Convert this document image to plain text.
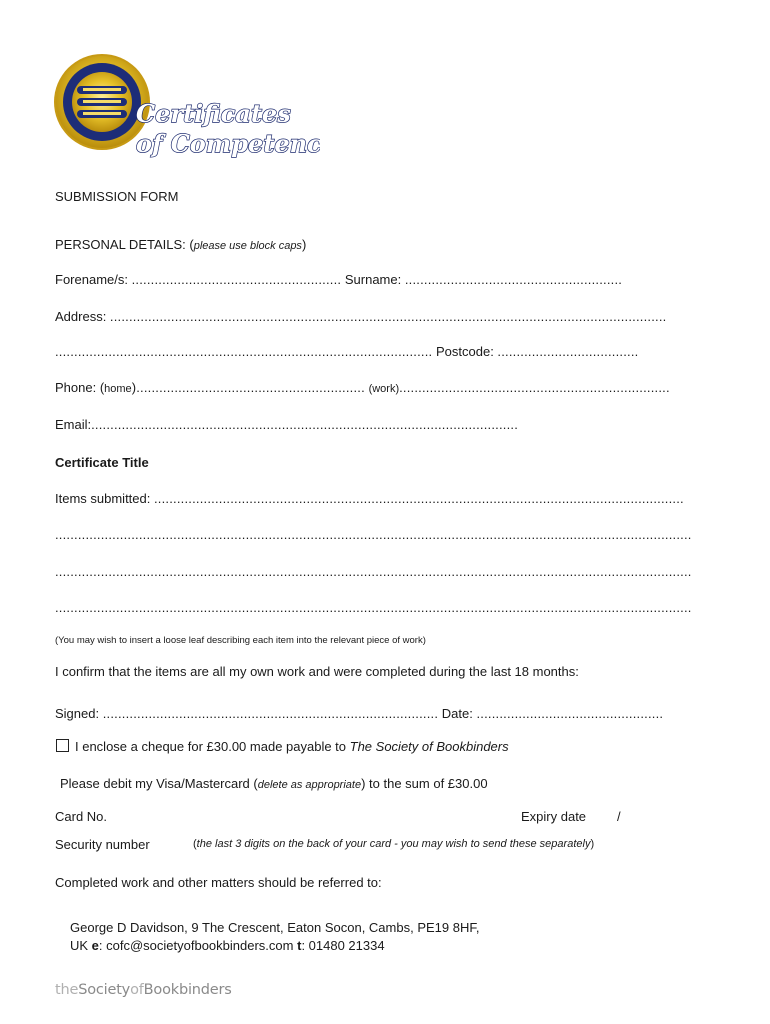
Certificates
of Competence
SUBMISSION FORM
PERSONAL DETAILS: (please use block caps)
Forename/s: ....................................................... Surname: .........................................................
Address: ..................................................................................................................................................
................................................................................................... Postcode: .....................................
Phone: (home)............................................................ (work).......................................................................
Email:................................................................................................................
Certificate Title
Items submitted: ...........................................................................................................................................
.......................................................................................................................................................................
.......................................................................................................................................................................
.......................................................................................................................................................................
(You may wish to insert a loose leaf describing each item into the relevant piece of work)
I confirm that the items are all my own work and were completed during the last 18 months:
Signed: ........................................................................................ Date: .................................................
I enclose a cheque for £30.00 made payable to The Society of Bookbinders
Please debit my Visa/Mastercard (delete as appropriate) to the sum of £30.00
Card No.	Expiry date /
Security number	(the last 3 digits on the back of your card - you may wish to send these separately)
Completed work and other matters should be referred to:
George D Davidson, 9 The Crescent, Eaton Socon, Cambs, PE19 8HF,
UK e: cofc@societyofbookbinders.com t: 01480 21334
theSocietyofBookbinders
